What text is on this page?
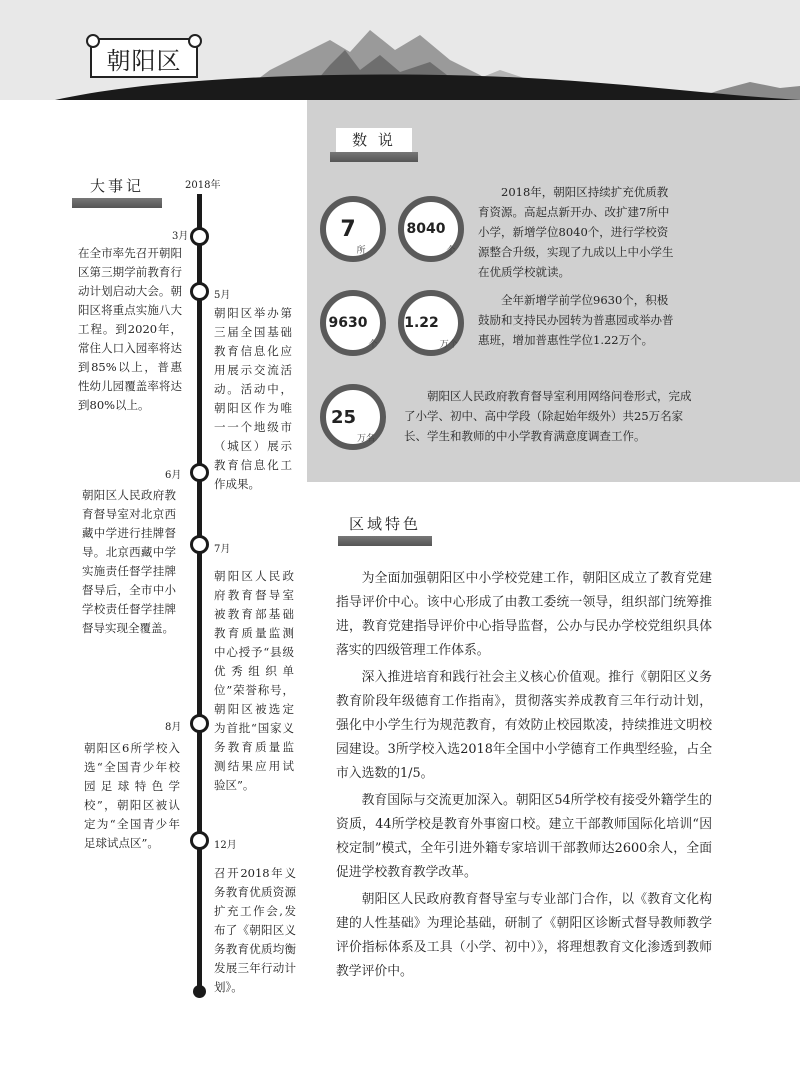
朝阳区
数 说
7
所
8040
个
2018年，朝阳区持续扩充优质教育资源。高起点新开办、改扩建7所中小学，新增学位8040个，进行学校资源整合升级，实现了九成以上中小学生在优质学校就读。
9630
个
1.22
万个
全年新增学前学位9630个，积极鼓励和支持民办园转为普惠园或举办普惠班，增加普惠性学位1.22万个。
25
万名
朝阳区人民政府教育督导室利用网络问卷形式，完成了小学、初中、高中学段（除起始年级外）共25万名家长、学生和教师的中小学教育满意度调查工作。
大事记	2018年
3月
在全市率先召开朝阳区第三期学前教育行动计划启动大会。朝阳区将重点实施八大工程。到2020年，常住人口入园率将达到85%以上，普惠性幼儿园覆盖率将达到80%以上。
5月
朝阳区举办第三届全国基础教育信息化应用展示交流活动。活动中，朝阳区作为唯一一个地级市（城区）展示教育信息化工作成果。
6月
朝阳区人民政府教育督导室对北京西藏中学进行挂牌督导。北京西藏中学实施责任督学挂牌督导后，全市中小学校责任督学挂牌督导实现全覆盖。
7月
朝阳区人民政府教育督导室被教育部基础教育质量监测中心授予“县级优秀组织单位”荣誉称号，朝阳区被选定为首批“国家义务教育质量监测结果应用试验区”。
8月
朝阳区6所学校入选“全国青少年校园足球特色学校”，朝阳区被认定为“全国青少年足球试点区”。	12月
召开2018年义务教育优质资源扩充工作会,发布了《朝阳区义务教育优质均衡发展三年行动计划》。
区域特色

为全面加强朝阳区中小学校党建工作，朝阳区成立了教育党建指导评价中心。该中心形成了由教工委统一领导，组织部门统筹推进，教育党建指导评价中心指导监督，公办与民办学校党组织具体落实的四级管理工作体系。

深入推进培育和践行社会主义核心价值观。推行《朝阳区义务教育阶段年级德育工作指南》，贯彻落实养成教育三年行动计划，强化中小学生行为规范教育，有效防止校园欺凌，持续推进文明校园建设。3所学校入选2018年全国中小学德育工作典型经验，占全市入选数的1/5。

教育国际与交流更加深入。朝阳区54所学校有接受外籍学生的资质，44所学校是教育外事窗口校。建立干部教师国际化培训“因校定制”模式，全年引进外籍专家培训干部教师达2600余人，全面促进学校教育教学改革。

朝阳区人民政府教育督导室与专业部门合作，以《教育文化构建的人性基础》为理论基础，研制了《朝阳区诊断式督导教师教学评价指标体系及工具（小学、初中）》，将理想教育文化渗透到教师教学评价中。
